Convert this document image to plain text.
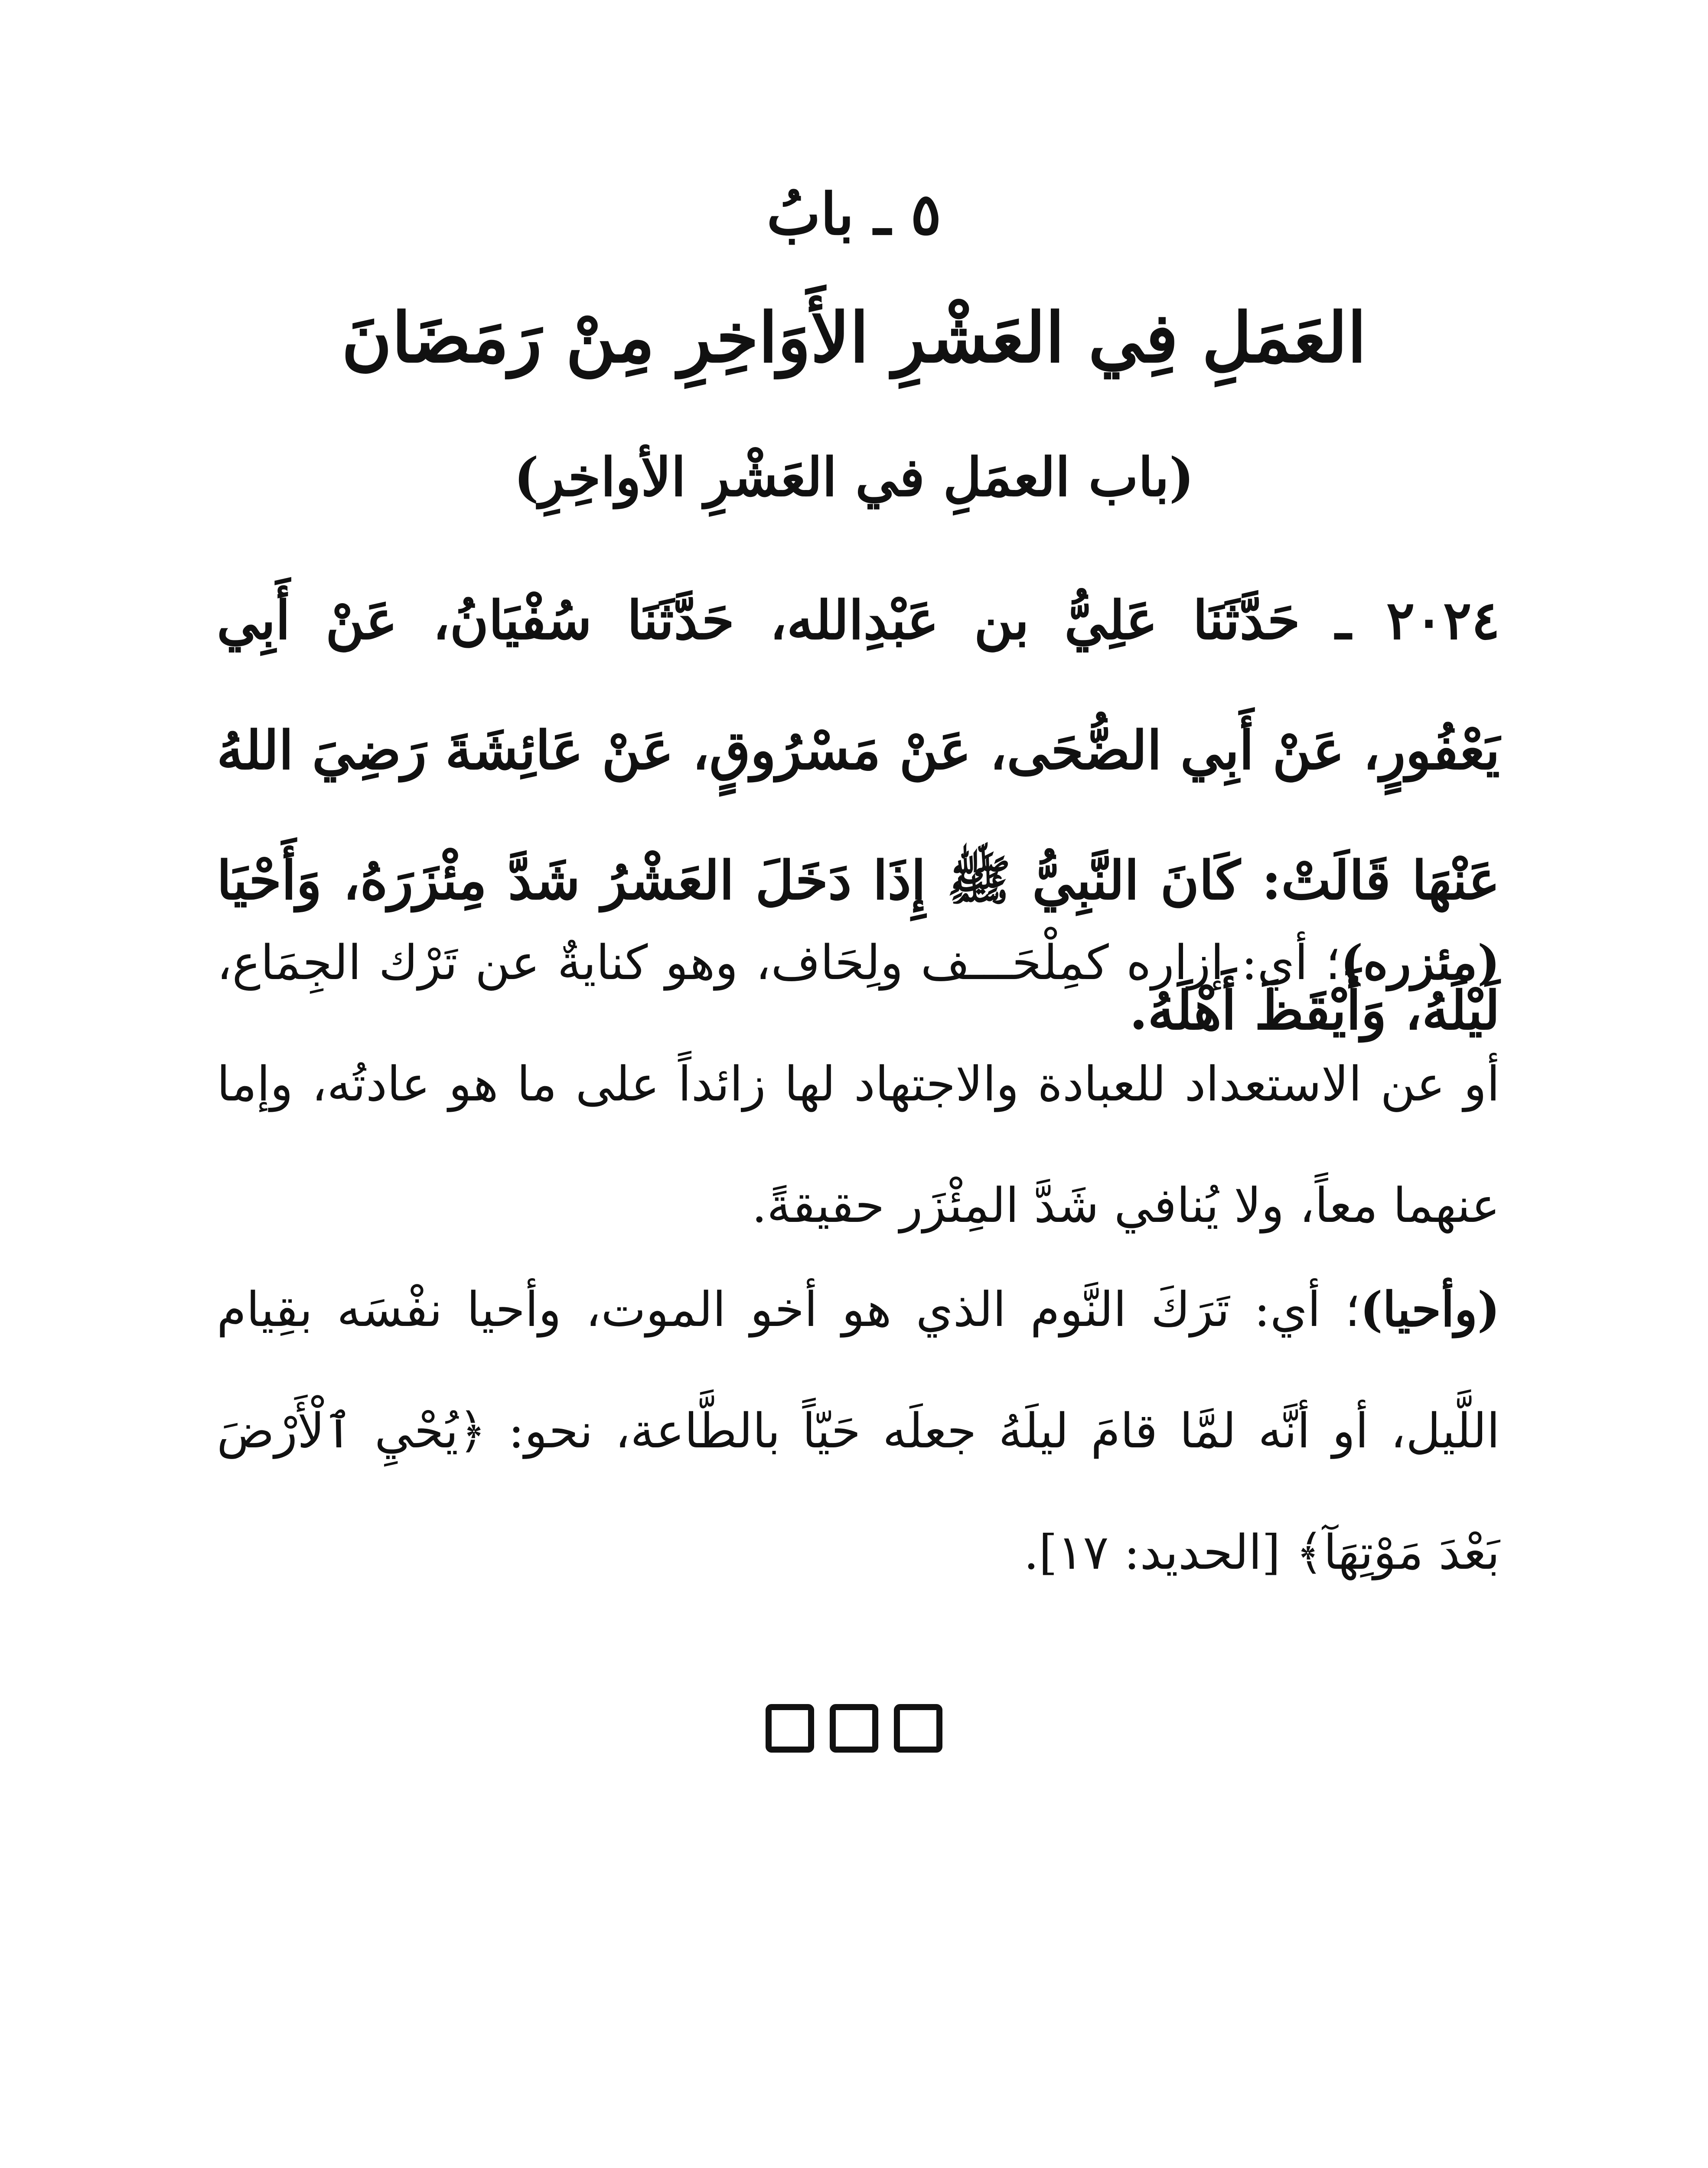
٥ ـ بابُ
العَمَلِ فِي العَشْرِ الأَوَاخِرِ مِنْ رَمَضَانَ
(باب العمَلِ في العَشْرِ الأواخِرِ)
٢٠٢٤ ـ حَدَّثَنَا عَلِيُّ بن عَبْدِالله، حَدَّثَنَا سُفْيَانُ، عَنْ أَبِي يَعْفُورٍ، عَنْ أَبِي الضُّحَى، عَنْ مَسْرُوقٍ، عَنْ عَائِشَةَ رَضِيَ اللهُ عَنْهَا قَالَتْ: كَانَ النَّبِيُّ ﷺ إِذَا دَخَلَ العَشْرُ شَدَّ مِئْزَرَهُ، وَأَحْيَا لَيْلَهُ، وَأَيْقَظَ أَهْلَهُ.
(مئزره)؛ أي: إزاره كمِلْحَـــف ولِحَاف، وهو كنايةٌ عن تَرْك الجِمَاع، أو عن الاستعداد للعبادة والاجتهاد لها زائداً على ما هو عادتُه، وإما عنهما معاً، ولا يُنافي شَدَّ المِئْزَر حقيقةً.
(وأحيا)؛ أي: تَرَكَ النَّوم الذي هو أخو الموت، وأحيا نفْسَه بقِيام اللَّيل، أو أنَّه لمَّا قامَ ليلَهُ جعلَه حَيّاً بالطَّاعة، نحو: ﴿يُحْيِ ٱلْأَرْضَ بَعْدَ مَوْتِهَآ﴾ [الحديد: ١٧].
